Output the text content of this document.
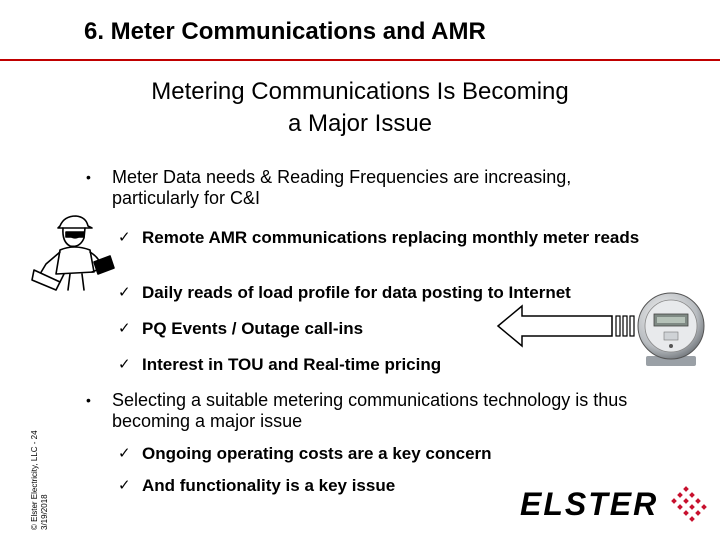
6. Meter Communications and AMR
Metering Communications Is Becoming
a Major Issue
• Meter Data needs & Reading Frequencies are increasing, particularly for C&I
✓ Remote AMR communications replacing monthly meter reads
✓ Daily reads of load profile for data posting to Internet
✓ PQ Events / Outage call-ins
✓ Interest in TOU and Real-time pricing
• Selecting a suitable metering communications technology is thus becoming a major issue
✓ Ongoing operating costs are a key concern
✓ And functionality is a key issue
© Elster Electricity, LLC - 24 3/19/2018	ELSTER
